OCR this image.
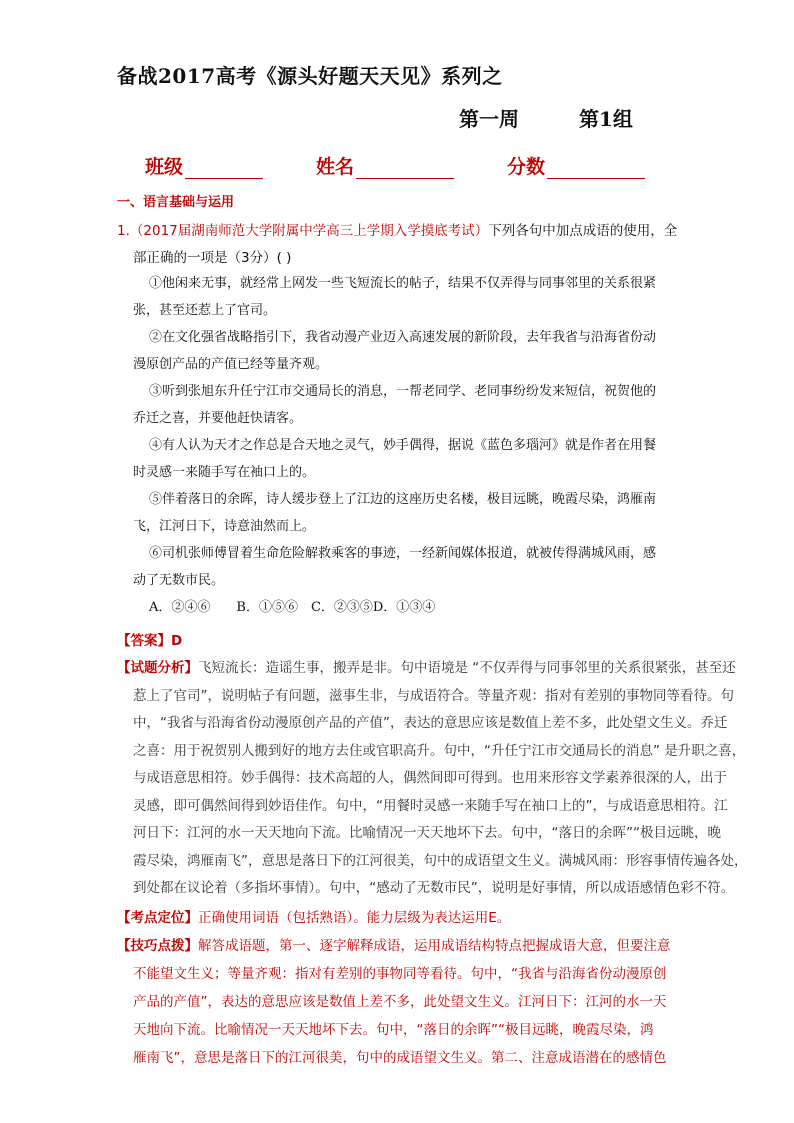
备战2017高考《源头好题天天见》系列之
第一周	第1组
班级	姓名	分数
一、语言基础与运用
1.（2017届湖南师范大学附属中学高三上学期入学摸底考试）下列各句中加点成语的使用，全
部正确的一项是（3分）( )
①他闲来无事，就经常上网发一些飞短流长的帖子，结果不仅弄得与同事邻里的关系很紧
张，甚至还惹上了官司。
②在文化强省战略指引下，我省动漫产业迈入高速发展的新阶段，去年我省与沿海省份动
漫原创产品的产值已经等量齐观。
③听到张旭东升任宁江市交通局长的消息，一帮老同学、老同事纷纷发来短信，祝贺他的
乔迁之喜，并要他赶快请客。
④有人认为天才之作总是合天地之灵气，妙手偶得，据说《蓝色多瑙河》就是作者在用餐
时灵感一来随手写在袖口上的。
⑤伴着落日的余晖，诗人缓步登上了江边的这座历史名楼，极目远眺，晚霞尽染，鸿雁南
飞，江河日下，诗意油然而上。
⑥司机张师傅冒着生命危险解救乘客的事迹，一经新闻媒体报道，就被传得满城风雨，感
动了无数市民。
A．②④⑥　　B．①⑤⑥　C．②③⑤D．①③④
【答案】D
【试题分析】飞短流长：造谣生事，搬弄是非。句中语境是 “不仅弄得与同事邻里的关系很紧张，甚至还
惹上了官司”，说明帖子有问题，滋事生非，与成语符合。等量齐观：指对有差别的事物同等看待。句
中，“我省与沿海省份动漫原创产品的产值”，表达的意思应该是数值上差不多，此处望文生义。乔迁
之喜：用于祝贺别人搬到好的地方去住或官职高升。句中，“升任宁江市交通局长的消息” 是升职之喜，
与成语意思相符。妙手偶得：技术高超的人，偶然间即可得到。也用来形容文学素养很深的人，出于
灵感，即可偶然间得到妙语佳作。句中，“用餐时灵感一来随手写在袖口上的”，与成语意思相符。江
河日下：江河的水一天天地向下流。比喻情况一天天地坏下去。句中，“落日的余晖”“极目远眺，晚
霞尽染，鸿雁南飞”，意思是落日下的江河很美，句中的成语望文生义。满城风雨：形容事情传遍各处，
到处都在议论着（多指坏事情）。句中，“感动了无数市民”，说明是好事情，所以成语感情色彩不符。
【考点定位】正确使用词语（包括熟语）。能力层级为表达运用E。
【技巧点拨】解答成语题，第一、逐字解释成语，运用成语结构特点把握成语大意，但要注意
不能望文生义；等量齐观：指对有差别的事物同等看待。句中，“我省与沿海省份动漫原创
产品的产值”，表达的意思应该是数值上差不多，此处望文生义。江河日下：江河的水一天
天地向下流。比喻情况一天天地坏下去。句中，“落日的余晖”“极目远眺，晚霞尽染，鸿
雁南飞”，意思是落日下的江河很美，句中的成语望文生义。第二、注意成语潜在的感情色
